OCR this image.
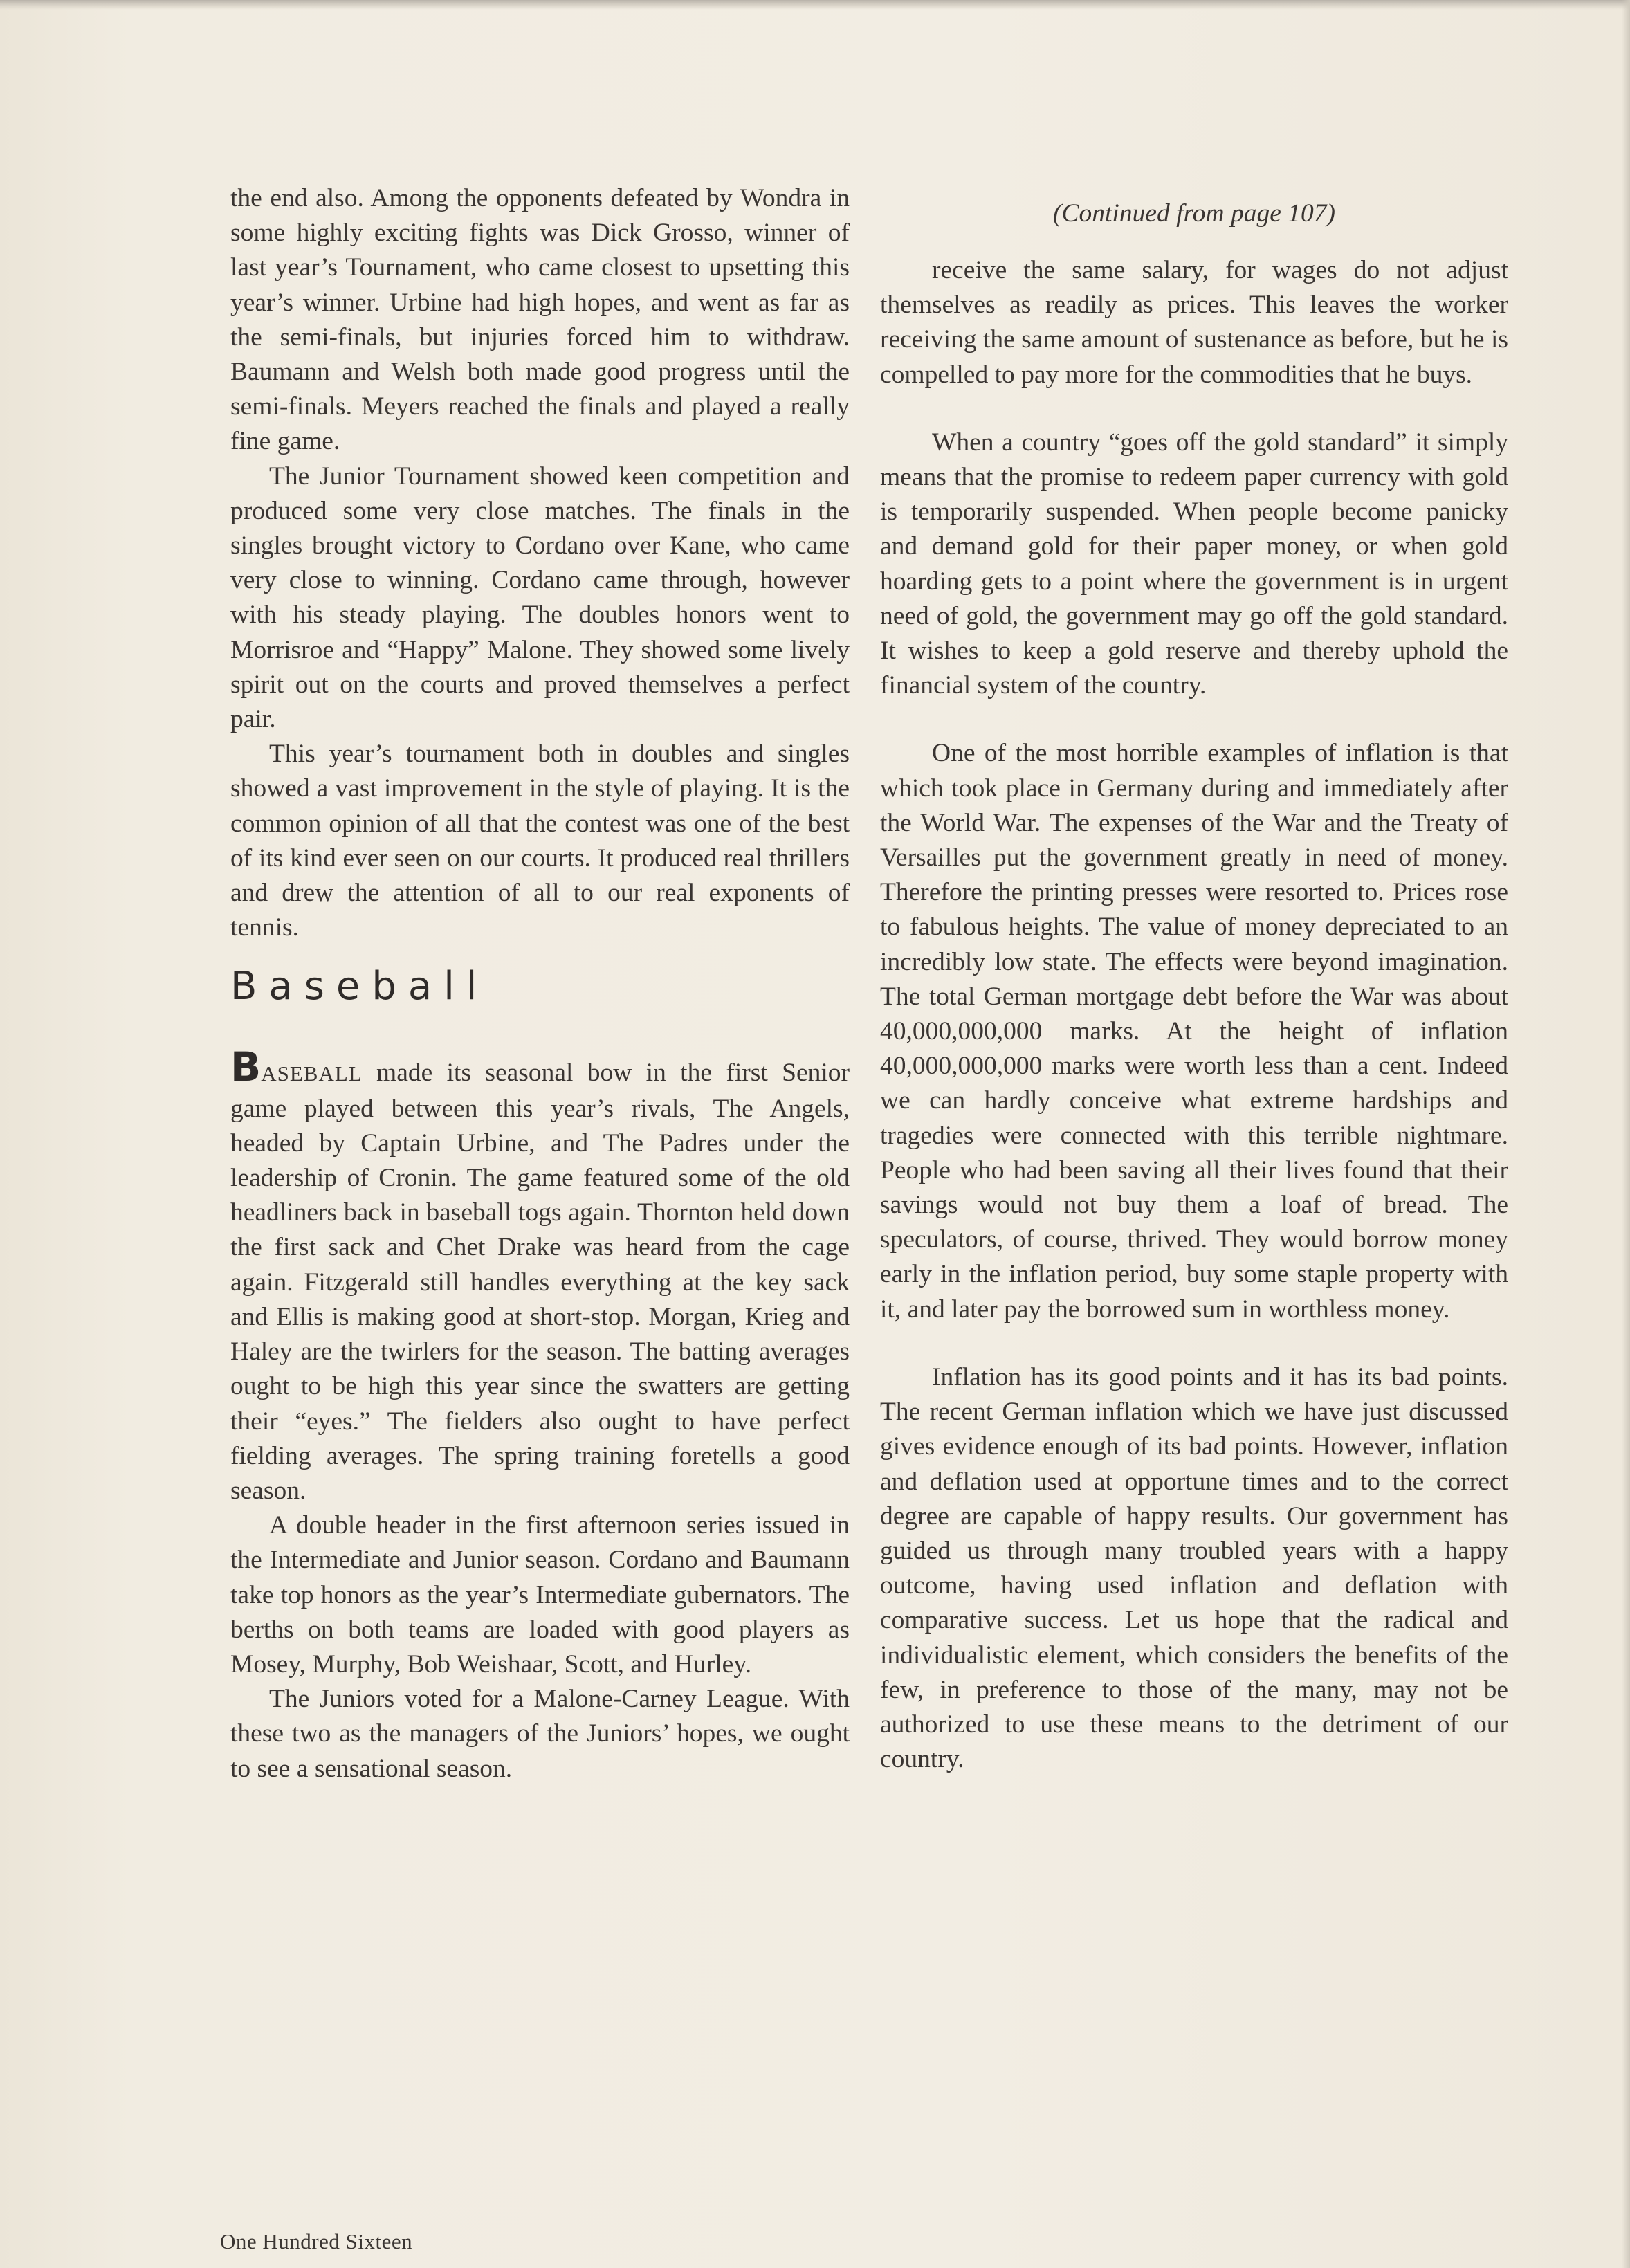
the end also. Among the opponents defeated by Wondra in some highly exciting fights was Dick Grosso, winner of last year’s Tournament, who came closest to upsetting this year’s winner. Urbine had high hopes, and went as far as the semi-finals, but injuries forced him to withdraw. Baumann and Welsh both made good progress until the semi-finals. Meyers reached the finals and played a really fine game.

The Junior Tournament showed keen competition and produced some very close matches. The finals in the singles brought victory to Cordano over Kane, who came very close to winning. Cordano came through, however with his steady playing. The doubles honors went to Morrisroe and “Happy” Malone. They showed some lively spirit out on the courts and proved themselves a perfect pair.

This year’s tournament both in doubles and singles showed a vast improvement in the style of playing. It is the common opinion of all that the contest was one of the best of its kind ever seen on our courts. It produced real thrillers and drew the attention of all to our real exponents of tennis.

Baseball

BASEBALL made its seasonal bow in the first Senior game played between this year’s rivals, The Angels, headed by Captain Urbine, and The Padres under the leadership of Cronin. The game featured some of the old headliners back in baseball togs again. Thornton held down the first sack and Chet Drake was heard from the cage again. Fitzgerald still handles everything at the key sack and Ellis is making good at short-stop. Morgan, Krieg and Haley are the twirlers for the season. The batting averages ought to be high this year since the swatters are getting their “eyes.” The fielders also ought to have perfect fielding averages. The spring training foretells a good season.

A double header in the first afternoon series issued in the Intermediate and Junior season. Cordano and Baumann take top honors as the year’s Intermediate gubernators. The berths on both teams are loaded with good players as Mosey, Murphy, Bob Weishaar, Scott, and Hurley.

The Juniors voted for a Malone-Carney League. With these two as the managers of the Juniors’ hopes, we ought to see a sensational season.

(Continued from page 107)

receive the same salary, for wages do not adjust themselves as readily as prices. This leaves the worker receiving the same amount of sustenance as before, but he is compelled to pay more for the commodities that he buys.

When a country “goes off the gold standard” it simply means that the promise to redeem paper currency with gold is temporarily suspended. When people become panicky and demand gold for their paper money, or when gold hoarding gets to a point where the government is in urgent need of gold, the government may go off the gold standard. It wishes to keep a gold reserve and thereby uphold the financial system of the country.

One of the most horrible examples of inflation is that which took place in Germany during and immediately after the World War. The expenses of the War and the Treaty of Versailles put the government greatly in need of money. Therefore the printing presses were resorted to. Prices rose to fabulous heights. The value of money depreciated to an incredibly low state. The effects were beyond imagination. The total German mortgage debt before the War was about 40,000,000,000 marks. At the height of inflation 40,000,000,000 marks were worth less than a cent. Indeed we can hardly conceive what extreme hardships and tragedies were connected with this terrible nightmare. People who had been saving all their lives found that their savings would not buy them a loaf of bread. The speculators, of course, thrived. They would borrow money early in the inflation period, buy some staple property with it, and later pay the borrowed sum in worthless money.

Inflation has its good points and it has its bad points. The recent German inflation which we have just discussed gives evidence enough of its bad points. However, inflation and deflation used at opportune times and to the correct degree are capable of happy results. Our government has guided us through many troubled years with a happy outcome, having used inflation and deflation with comparative success. Let us hope that the radical and individualistic element, which considers the benefits of the few, in preference to those of the many, may not be authorized to use these means to the detriment of our country.

One Hundred Sixteen
